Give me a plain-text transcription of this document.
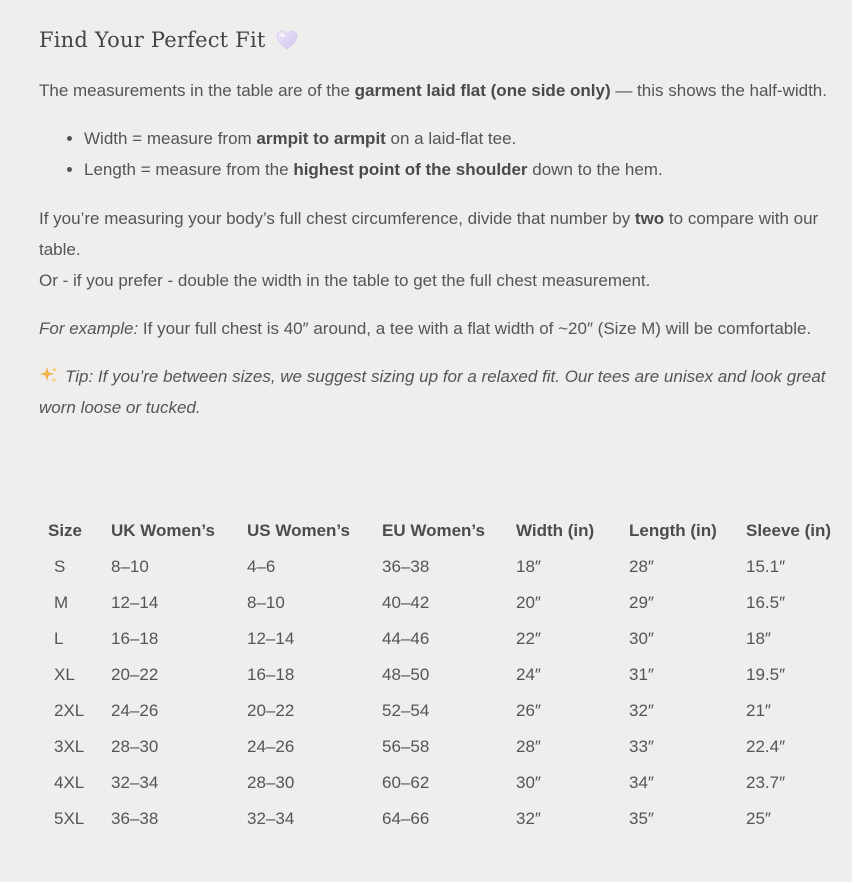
Find Your Perfect Fit

The measurements in the table are of the garment laid flat (one side only) — this shows the half-width.

• Width = measure from armpit to armpit on a laid-flat tee.
• Length = measure from the highest point of the shoulder down to the hem.

If you’re measuring your body’s full chest circumference, divide that number by two to compare with our table.
Or - if you prefer - double the width in the table to get the full chest measurement.

For example: If your full chest is 40″ around, a tee with a flat width of ~20″ (Size M) will be comfortable.

Tip: If you’re between sizes, we suggest sizing up for a relaxed fit. Our tees are unisex and look great worn loose or tucked.

Size	UK Women’s	US Women’s	EU Women’s	Width (in)	Length (in)	Sleeve (in)
S	8–10	4–6	36–38	18″	28″	15.1″
M	12–14	8–10	40–42	20″	29″	16.5″
L	16–18	12–14	44–46	22″	30″	18″
XL	20–22	16–18	48–50	24″	31″	19.5″
2XL	24–26	20–22	52–54	26″	32″	21″
3XL	28–30	24–26	56–58	28″	33″	22.4″
4XL	32–34	28–30	60–62	30″	34″	23.7″
5XL	36–38	32–34	64–66	32″	35″	25″
